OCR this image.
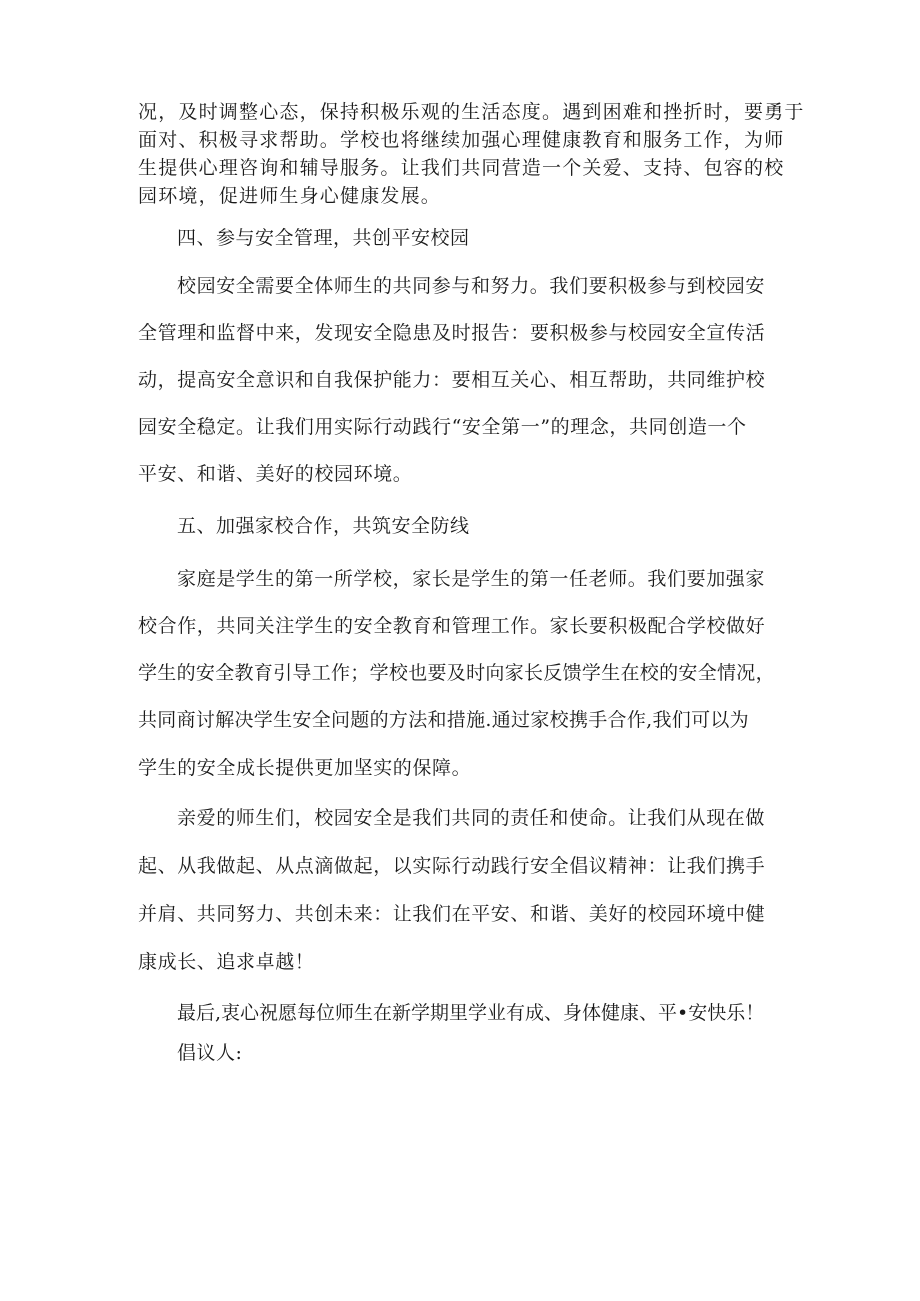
况，及时调整心态，保持积极乐观的生活态度。遇到困难和挫折时，要勇于
面对、积极寻求帮助。学校也将继续加强心理健康教育和服务工作，为师
生提供心理咨询和辅导服务。让我们共同营造一个关爱、支持、包容的校
园环境，促进师生身心健康发展。
四、参与安全管理，共创平安校园
校园安全需要全体师生的共同参与和努力。我们要积极参与到校园安
全管理和监督中来，发现安全隐患及时报告：要积极参与校园安全宣传活
动，提高安全意识和自我保护能力：要相互关心、相互帮助，共同维护校
园安全稳定。让我们用实际行动践行“安全第一”的理念，共同创造一个
平安、和谐、美好的校园环境。
五、加强家校合作，共筑安全防线
家庭是学生的第一所学校，家长是学生的第一任老师。我们要加强家
校合作，共同关注学生的安全教育和管理工作。家长要积极配合学校做好
学生的安全教育引导工作；学校也要及时向家长反馈学生在校的安全情况，
共同商讨解决学生安全问题的方法和措施.通过家校携手合作,我们可以为
学生的安全成长提供更加坚实的保障。
亲爱的师生们，校园安全是我们共同的责任和使命。让我们从现在做
起、从我做起、从点滴做起，以实际行动践行安全倡议精神：让我们携手
并肩、共同努力、共创未来：让我们在平安、和谐、美好的校园环境中健
康成长、追求卓越！
最后,衷心祝愿每位师生在新学期里学业有成、身体健康、平•安快乐！
倡议人:
